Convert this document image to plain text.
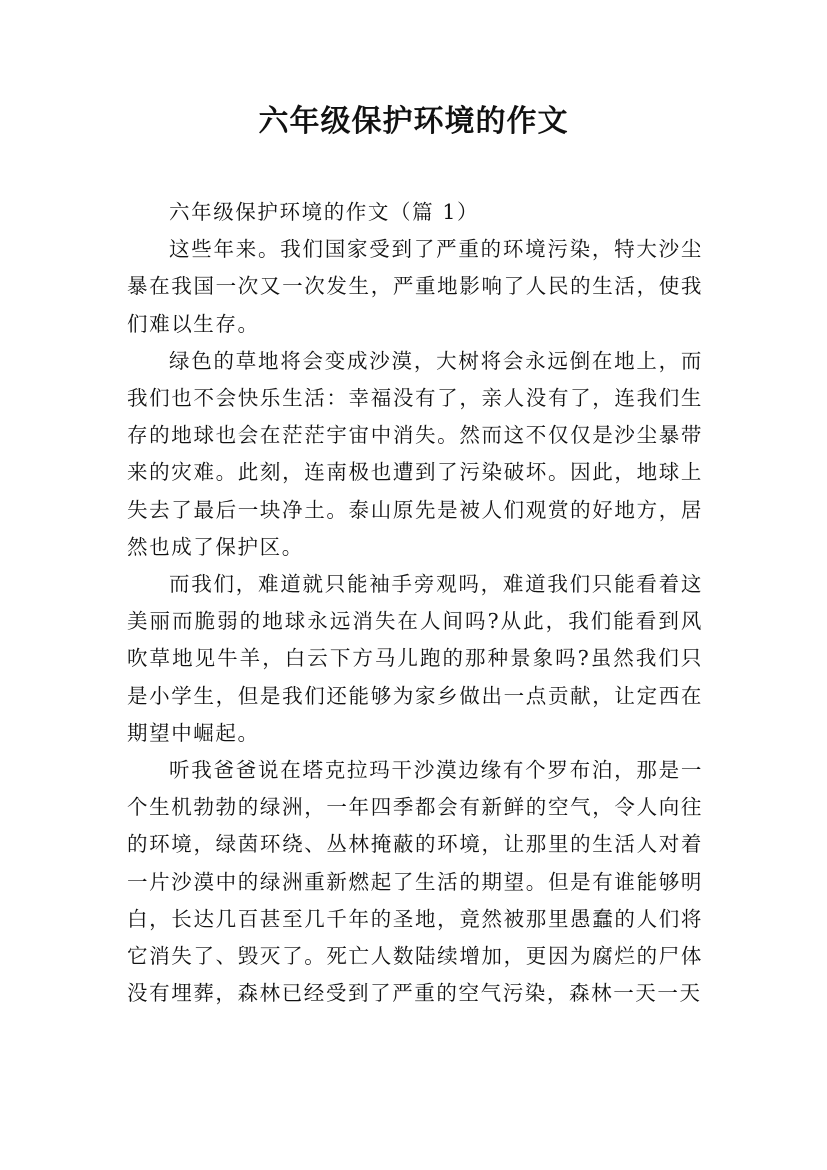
六年级保护环境的作文

六年级保护环境的作文（篇 1）

这些年来。我们国家受到了严重的环境污染，特大沙尘暴在我国一次又一次发生，严重地影响了人民的生活，使我们难以生存。

绿色的草地将会变成沙漠，大树将会永远倒在地上，而我们也不会快乐生活：幸福没有了，亲人没有了，连我们生存的地球也会在茫茫宇宙中消失。然而这不仅仅是沙尘暴带来的灾难。此刻，连南极也遭到了污染破坏。因此，地球上失去了最后一块净土。泰山原先是被人们观赏的好地方，居然也成了保护区。

而我们，难道就只能袖手旁观吗，难道我们只能看着这美丽而脆弱的地球永远消失在人间吗?从此，我们能看到风吹草地见牛羊，白云下方马儿跑的那种景象吗?虽然我们只是小学生，但是我们还能够为家乡做出一点贡献，让定西在期望中崛起。

听我爸爸说在塔克拉玛干沙漠边缘有个罗布泊，那是一个生机勃勃的绿洲，一年四季都会有新鲜的空气，令人向往的环境，绿茵环绕、丛林掩蔽的环境，让那里的生活人对着一片沙漠中的绿洲重新燃起了生活的期望。但是有谁能够明白，长达几百甚至几千年的圣地，竟然被那里愚蠢的人们将它消失了、毁灭了。死亡人数陆续增加，更因为腐烂的尸体没有埋葬，森林已经受到了严重的空气污染，森林一天一天
